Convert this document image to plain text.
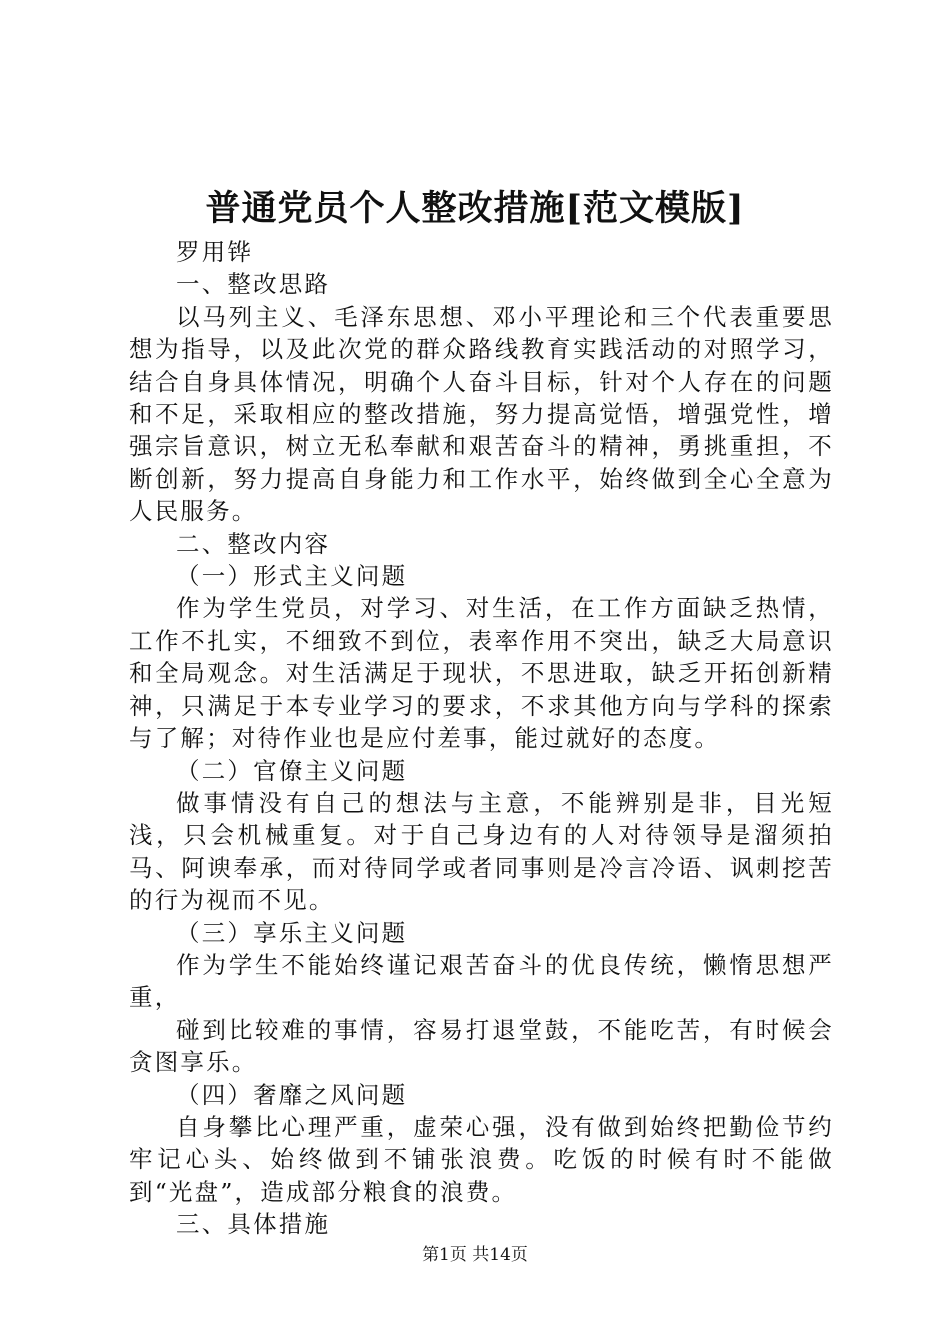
普通党员个人整改措施[范文模版]

罗用铧

一、整改思路

以马列主义、毛泽东思想、邓小平理论和三个代表重要思想为指导，以及此次党的群众路线教育实践活动的对照学习，结合自身具体情况，明确个人奋斗目标，针对个人存在的问题和不足，采取相应的整改措施，努力提高觉悟，增强党性，增强宗旨意识，树立无私奉献和艰苦奋斗的精神，勇挑重担，不断创新，努力提高自身能力和工作水平，始终做到全心全意为人民服务。

二、整改内容

（一）形式主义问题

作为学生党员，对学习、对生活，在工作方面缺乏热情，工作不扎实，不细致不到位，表率作用不突出，缺乏大局意识和全局观念。对生活满足于现状，不思进取，缺乏开拓创新精神，只满足于本专业学习的要求，不求其他方向与学科的探索与了解；对待作业也是应付差事，能过就好的态度。

（二）官僚主义问题

做事情没有自己的想法与主意，不能辨别是非，目光短浅，只会机械重复。对于自己身边有的人对待领导是溜须拍马、阿谀奉承，而对待同学或者同事则是冷言冷语、讽刺挖苦的行为视而不见。

（三）享乐主义问题

作为学生不能始终谨记艰苦奋斗的优良传统，懒惰思想严重，

碰到比较难的事情，容易打退堂鼓，不能吃苦，有时候会贪图享乐。

（四）奢靡之风问题

自身攀比心理严重，虚荣心强，没有做到始终把勤俭节约牢记心头、始终做到不铺张浪费。吃饭的时候有时不能做到“光盘”，造成部分粮食的浪费。

三、具体措施

第1页 共14页
